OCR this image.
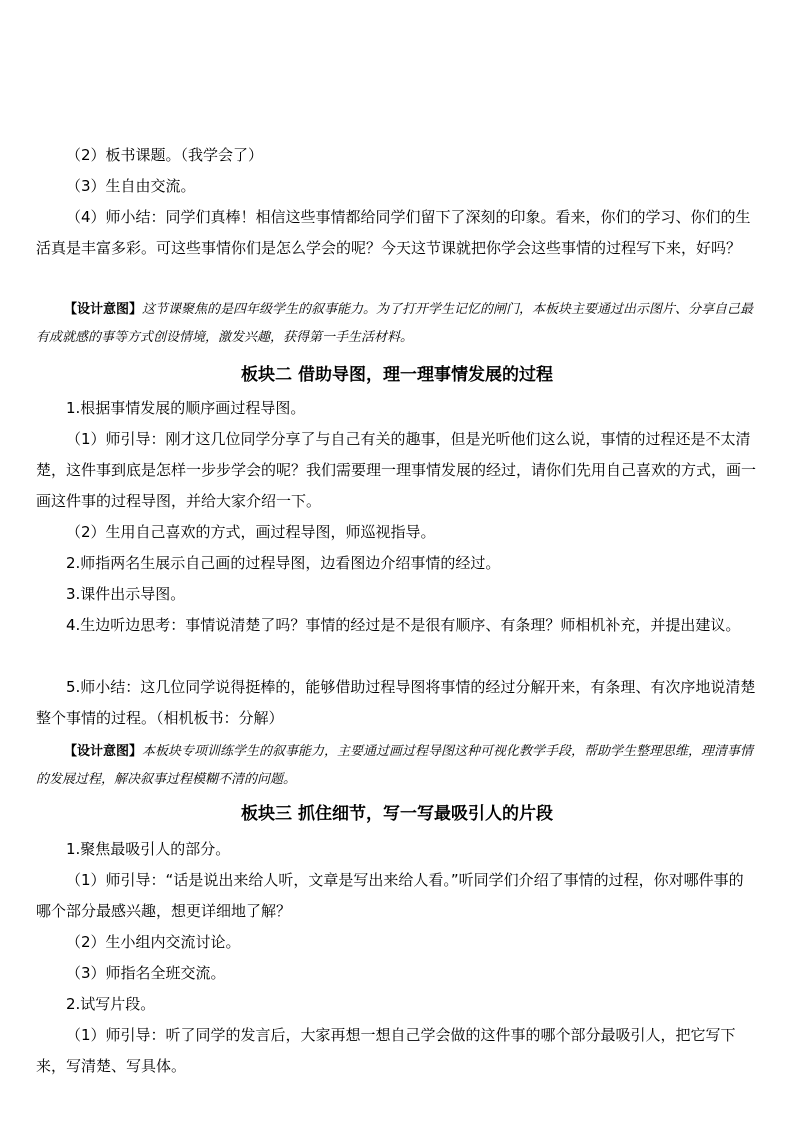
（2）板书课题。（我学会了）

（3）生自由交流。

（4）师小结：同学们真棒！相信这些事情都给同学们留下了深刻的印象。看来，你们的学习、你们的生活真是丰富多彩。可这些事情你们是怎么学会的呢？今天这节课就把你学会这些事情的过程写下来，好吗？

【设计意图】这节课聚焦的是四年级学生的叙事能力。为了打开学生记忆的闸门，本板块主要通过出示图片、分享自己最有成就感的事等方式创设情境，激发兴趣，获得第一手生活材料。

板块二 借助导图，理一理事情发展的过程

1.根据事情发展的顺序画过程导图。

（1）师引导：刚才这几位同学分享了与自己有关的趣事，但是光听他们这么说，事情的过程还是不太清楚，这件事到底是怎样一步步学会的呢？我们需要理一理事情发展的经过，请你们先用自己喜欢的方式，画一画这件事的过程导图，并给大家介绍一下。

（2）生用自己喜欢的方式，画过程导图，师巡视指导。

2.师指两名生展示自己画的过程导图，边看图边介绍事情的经过。

3.课件出示导图。

4.生边听边思考：事情说清楚了吗？事情的经过是不是很有顺序、有条理？师相机补充，并提出建议。

5.师小结：这几位同学说得挺棒的，能够借助过程导图将事情的经过分解开来，有条理、有次序地说清楚整个事情的过程。（相机板书：分解）

【设计意图】本板块专项训练学生的叙事能力，主要通过画过程导图这种可视化教学手段，帮助学生整理思维，理清事情的发展过程，解决叙事过程模糊不清的问题。

板块三 抓住细节，写一写最吸引人的片段

1.聚焦最吸引人的部分。

（1）师引导：“话是说出来给人听，文章是写出来给人看。”听同学们介绍了事情的过程，你对哪件事的哪个部分最感兴趣，想更详细地了解？

（2）生小组内交流讨论。

（3）师指名全班交流。

2.试写片段。

（1）师引导：听了同学的发言后，大家再想一想自己学会做的这件事的哪个部分最吸引人，把它写下来，写清楚、写具体。
